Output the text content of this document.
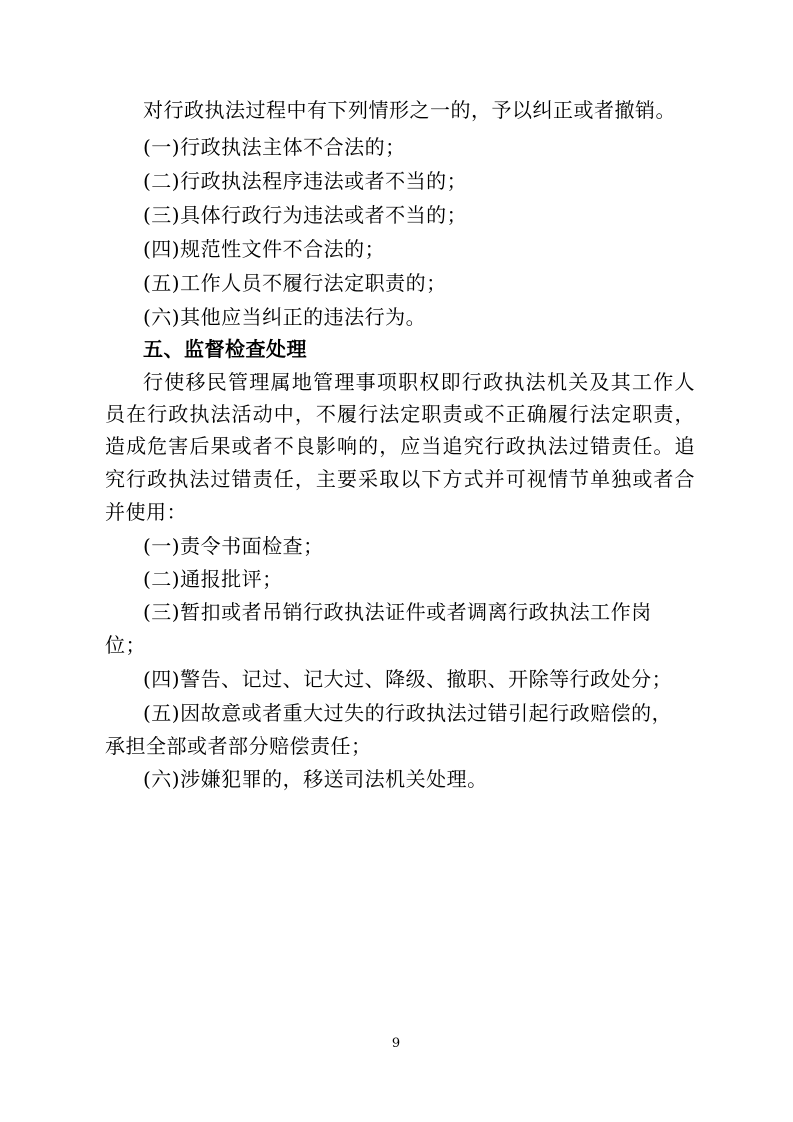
对行政执法过程中有下列情形之一的，予以纠正或者撤销。
(一)行政执法主体不合法的；
(二)行政执法程序违法或者不当的；
(三)具体行政行为违法或者不当的；
(四)规范性文件不合法的；
(五)工作人员不履行法定职责的；
(六)其他应当纠正的违法行为。
五、监督检查处理
行使移民管理属地管理事项职权即行政执法机关及其工作人
员在行政执法活动中，不履行法定职责或不正确履行法定职责，
造成危害后果或者不良影响的，应当追究行政执法过错责任。追
究行政执法过错责任，主要采取以下方式并可视情节单独或者合
并使用：
(一)责令书面检查；
(二)通报批评；
(三)暂扣或者吊销行政执法证件或者调离行政执法工作岗
位；
(四)警告、记过、记大过、降级、撤职、开除等行政处分；
(五)因故意或者重大过失的行政执法过错引起行政赔偿的，
承担全部或者部分赔偿责任；
(六)涉嫌犯罪的，移送司法机关处理。
9
